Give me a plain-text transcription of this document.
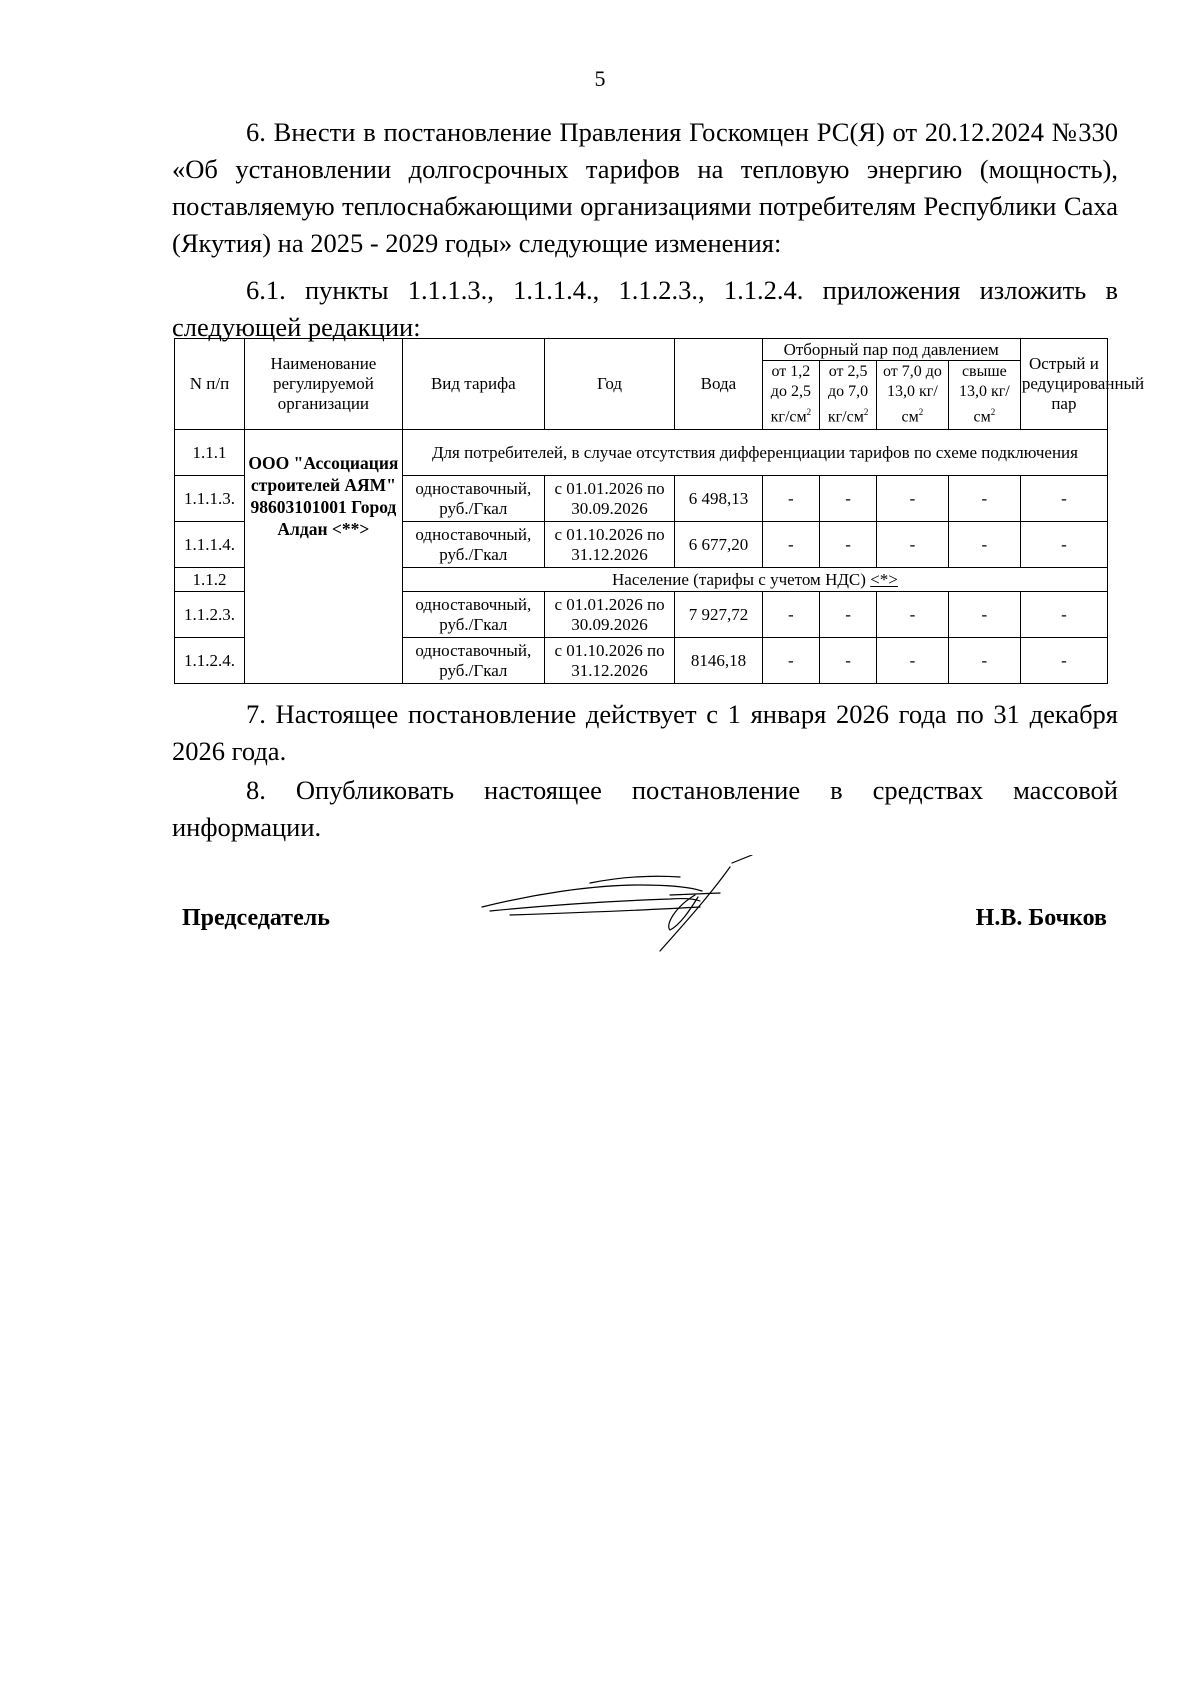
5

6. Внести в постановление Правления Госкомцен РС(Я) от 20.12.2024 №330 «Об установлении долгосрочных тарифов на тепловую энергию (мощность), поставляемую теплоснабжающими организациями потребителям Республики Саха (Якутия) на 2025 - 2029 годы» следующие изменения:

6.1. пункты 1.1.1.3., 1.1.1.4., 1.1.2.3., 1.1.2.4. приложения изложить в следующей редакции:

N п/п	Наименование регулируемой организации	Вид тарифа	Год	Вода	Отборный пар под давлением				Острый и редуцированный пар
					от 1,2 до 2,5 $кг/см^2$	от 2,5 до 7,0 $кг/см^2$	от 7,0 до 13,0 $кг/см^2$	свыше 13,0 $кг/см^2$
1.1.1	ООО "Ассоциация строителей АЯМ" 98603101001 Город Алдан <**>	Для потребителей, в случае отсутствия дифференциации тарифов по схеме подключения							
1.1.1.3.		одноставочный, руб./Гкал	с 01.01.2026 по 30.09.2026	6 498,13	-	-	-	-	-
1.1.1.4.		одноставочный, руб./Гкал	с 01.10.2026 по 31.12.2026	6 677,20	-	-	-	-	-
1.1.2		Население (тарифы с учетом НДС) <*>							
1.1.2.3.		одноставочный, руб./Гкал	с 01.01.2026 по 30.09.2026	7 927,72	-	-	-	-	-
1.1.2.4.		одноставочный, руб./Гкал	с 01.10.2026 по 31.12.2026	8146,18	-	-	-	-	-

7. Настоящее постановление действует с 1 января 2026 года по 31 декабря 2026 года.

8. Опубликовать настоящее постановление в средствах массовой информации.

Председатель	Н.В. Бочков
